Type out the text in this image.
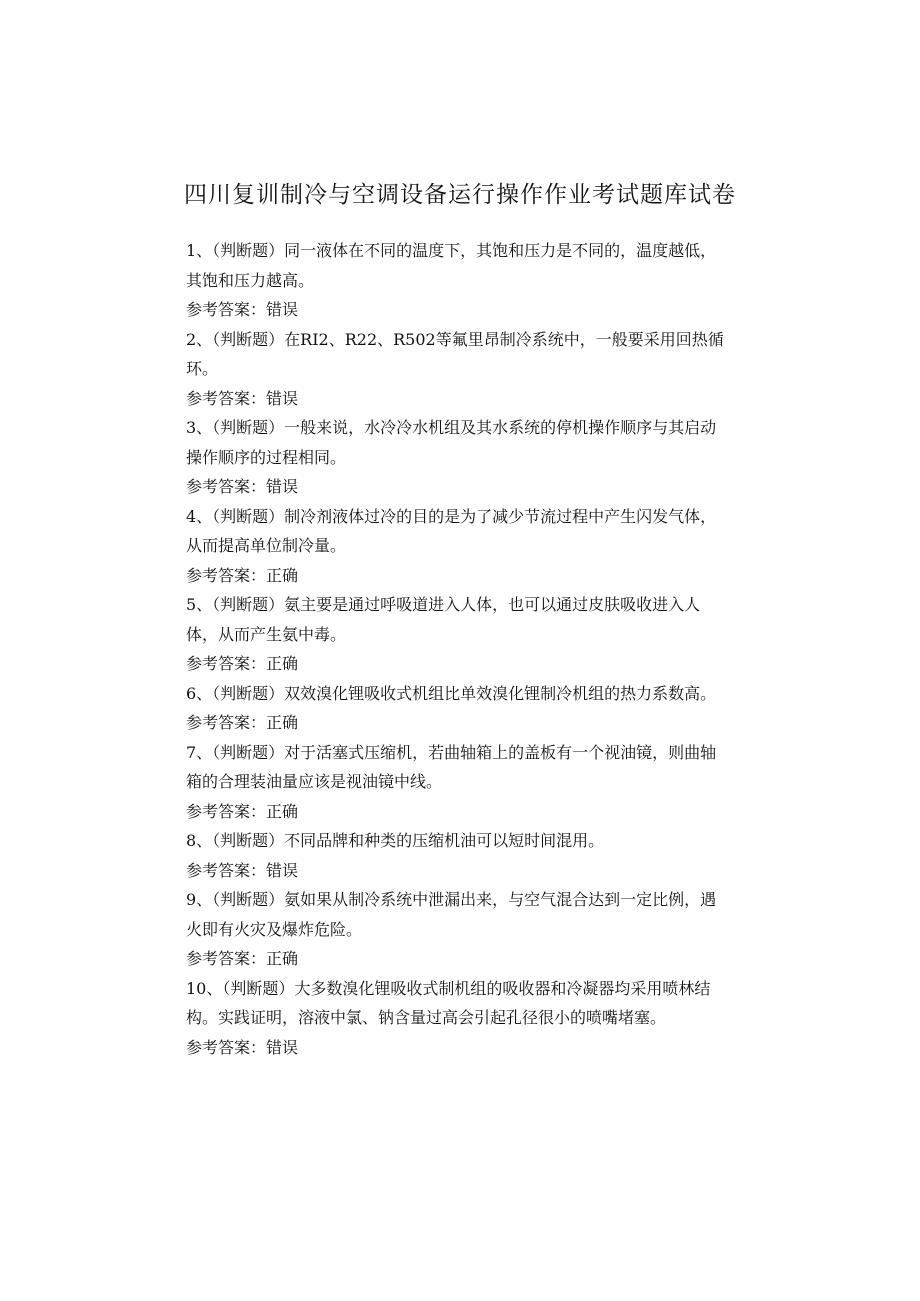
四川复训制冷与空调设备运行操作作业考试题库试卷

1、（判断题）同一液体在不同的温度下，其饱和压力是不同的，温度越低，其饱和压力越高。

参考答案：错误

2、（判断题）在RI2、R22、R502等氟里昂制冷系统中，一般要采用回热循环。

参考答案：错误

3、（判断题）一般来说，水冷冷水机组及其水系统的停机操作顺序与其启动操作顺序的过程相同。

参考答案：错误

4、（判断题）制冷剂液体过冷的目的是为了减少节流过程中产生闪发气体，从而提高单位制冷量。

参考答案：正确

5、（判断题）氨主要是通过呼吸道进入人体，也可以通过皮肤吸收进入人体，从而产生氨中毒。

参考答案：正确

6、（判断题）双效溴化锂吸收式机组比单效溴化锂制冷机组的热力系数高。

参考答案：正确

7、（判断题）对于活塞式压缩机，若曲轴箱上的盖板有一个视油镜，则曲轴箱的合理装油量应该是视油镜中线。

参考答案：正确

8、（判断题）不同品牌和种类的压缩机油可以短时间混用。

参考答案：错误

9、（判断题）氨如果从制冷系统中泄漏出来，与空气混合达到一定比例，遇火即有火灾及爆炸危险。

参考答案：正确

10、（判断题）大多数溴化锂吸收式制机组的吸收器和冷凝器均采用喷林结构。实践证明，溶液中氯、钠含量过高会引起孔径很小的喷嘴堵塞。

参考答案：错误
